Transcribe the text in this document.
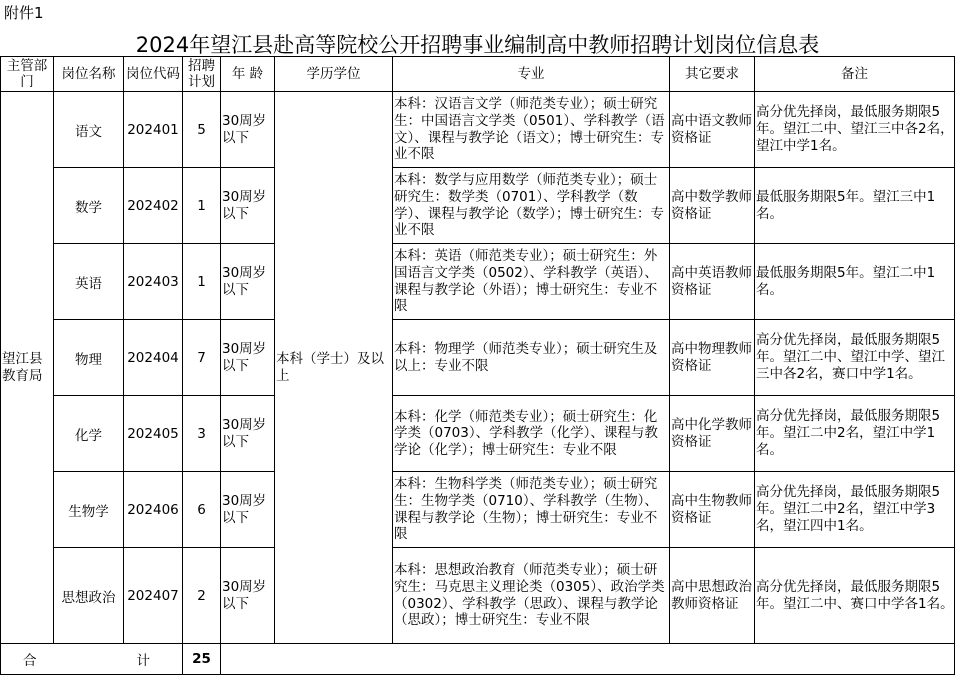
附件1
2024年望江县赴高等院校公开招聘事业编制高中教师招聘计划岗位信息表
主管部门	岗位名称	岗位代码	招聘计划	年 龄	学历学位	专业	其它要求	备注
望江县教育局	语文	202401	5	30周岁以下	本科（学士）及以上	本科：汉语言文学（师范类专业）；硕士研究生：中国语言文学类（0501）、学科教学（语文）、课程与教学论（语文）；博士研究生：专业不限	高中语文教师资格证	高分优先择岗，最低服务期限5年。望江二中、望江三中各2名，望江中学1名。
	数学	202402	1	30周岁以下		本科：数学与应用数学（师范类专业）；硕士研究生：数学类（0701）、学科教学（数学）、课程与教学论（数学）；博士研究生：专业不限	高中数学教师资格证	最低服务期限5年。望江三中1名。
	英语	202403	1	30周岁以下		本科：英语（师范类专业）；硕士研究生：外国语言文学类（0502）、学科教学（英语）、课程与教学论（外语）；博士研究生：专业不限	高中英语教师资格证	最低服务期限5年。望江二中1名。
	物理	202404	7	30周岁以下		本科：物理学（师范类专业）；硕士研究生及以上：专业不限	高中物理教师资格证	高分优先择岗，最低服务期限5年。望江二中、望江中学、望江三中各2名，赛口中学1名。
	化学	202405	3	30周岁以下		本科：化学（师范类专业）；硕士研究生：化学类（0703）、学科教学（化学）、课程与教学论（化学）；博士研究生：专业不限	高中化学教师资格证	高分优先择岗，最低服务期限5年。望江二中2名，望江中学1名。
	生物学	202406	6	30周岁以下		本科：生物科学类（师范类专业）；硕士研究生：生物学类（0710）、学科教学（生物）、课程与教学论（生物）；博士研究生：专业不限	高中生物教师资格证	高分优先择岗，最低服务期限5年。望江二中2名，望江中学3名，望江四中1名。
	思想政治	202407	2	30周岁以下		本科：思想政治教育（师范类专业）；硕士研究生：马克思主义理论类（0305）、政治学类（0302）、学科教学（思政）、课程与教学论（思政）；博士研究生：专业不限	高中思想政治教师资格证	高分优先择岗，最低服务期限5年。望江二中、赛口中学各1名。
合 计			25					
